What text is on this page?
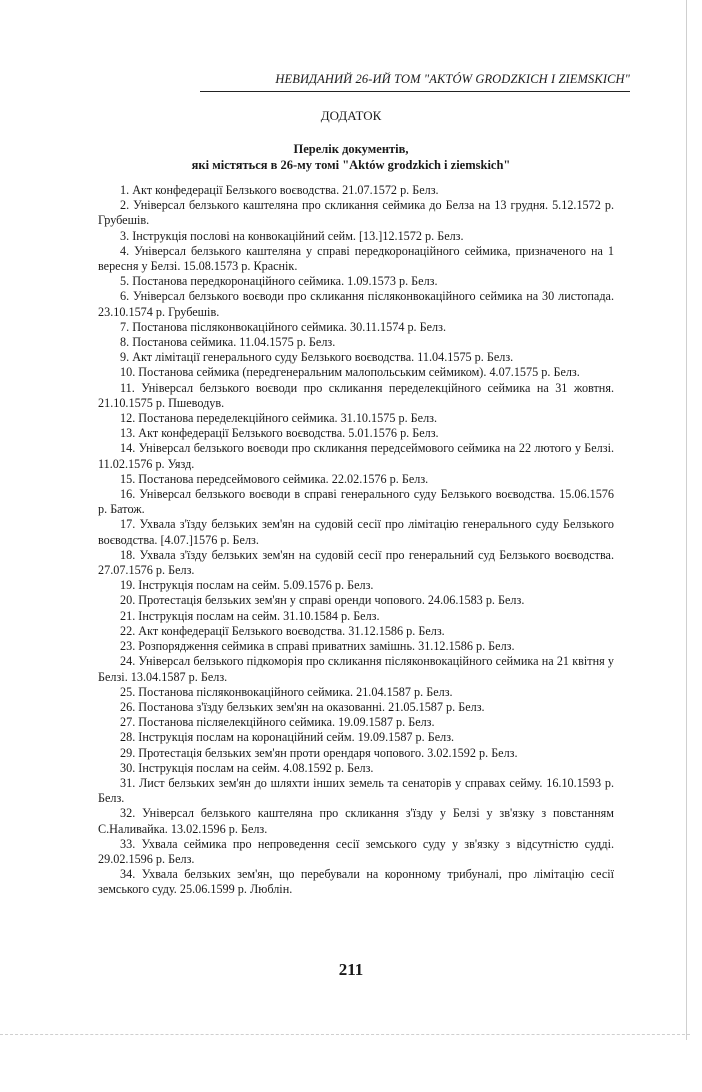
НЕВИДАНИЙ 26-ИЙ ТОМ "AKTÓW GRODZKICH I ZIEMSKICH"
ДОДАТОК
Перелік документів,
які містяться в 26-му томі "Aktów grodzkich i ziemskich"

1. Акт конфедерації Белзького воєводства. 21.07.1572 р. Белз.

2. Універсал белзького каштеляна про скликання сеймика до Белза на 13 грудня. 5.12.1572 р. Грубешів.

3. Інструкція послові на конвокаційний сейм. [13.]12.1572 р. Белз.

4. Універсал белзького каштеляна у справі передкоронаційного сеймика, призначеного на 1 вересня у Белзі. 15.08.1573 р. Краснік.

5. Постанова передкоронаційного сеймика. 1.09.1573 р. Белз.

6. Універсал белзького воєводи про скликання післяконвокаційного сеймика на 30 листопада. 23.10.1574 р. Грубешів.

7. Постанова післяконвокаційного сеймика. 30.11.1574 р. Белз.

8. Постанова сеймика. 11.04.1575 р. Белз.

9. Акт лімітації генерального суду Белзького воєводства. 11.04.1575 р. Белз.

10. Постанова сеймика (передгенеральним малопольським сеймиком). 4.07.1575 р. Белз.

11. Універсал белзького воєводи про скликання переделекційного сеймика на 31 жовтня. 21.10.1575 р. Пшеводув.

12. Постанова переделекційного сеймика. 31.10.1575 р. Белз.

13. Акт конфедерації Белзького воєводства. 5.01.1576 р. Белз.

14. Універсал белзького воєводи про скликання передсеймового сеймика на 22 лютого у Белзі. 11.02.1576 р. Уязд.

15. Постанова передсеймового сеймика. 22.02.1576 р. Белз.

16. Універсал белзького воєводи в справі генерального суду Белзького воєводства. 15.06.1576 р. Батож.

17. Ухвала з'їзду белзьких зем'ян на судовій сесії про лімітацію генерального суду Белзького воєводства. [4.07.]1576 р. Белз.

18. Ухвала з'їзду белзьких зем'ян на судовій сесії про генеральний суд Белзького воєводства. 27.07.1576 р. Белз.

19. Інструкція послам на сейм. 5.09.1576 р. Белз.

20. Протестація белзьких зем'ян у справі оренди чопового. 24.06.1583 р. Белз.

21. Інструкція послам на сейм. 31.10.1584 р. Белз.

22. Акт конфедерації Белзького воєводства. 31.12.1586 р. Белз.

23. Розпорядження сеймика в справі приватних замішнь. 31.12.1586 р. Белз.

24. Універсал белзького підкоморія про скликання післяконвокаційного сеймика на 21 квітня у Белзі. 13.04.1587 р. Белз.

25. Постанова післяконвокаційного сеймика. 21.04.1587 р. Белз.

26. Постанова з'їзду белзьких зем'ян на оказованні. 21.05.1587 р. Белз.

27. Постанова післяелекційного сеймика. 19.09.1587 р. Белз.

28. Інструкція послам на коронаційний сейм. 19.09.1587 р. Белз.

29. Протестація белзьких зем'ян проти орендаря чопового. 3.02.1592 р. Белз.

30. Інструкція послам на сейм. 4.08.1592 р. Белз.

31. Лист белзьких зем'ян до шляхти інших земель та сенаторів у справах сейму. 16.10.1593 р. Белз.

32. Універсал белзького каштеляна про скликання з'їзду у Белзі у зв'язку з повстанням С.Наливайка. 13.02.1596 р. Белз.

33. Ухвала сеймика про непроведення сесії земського суду у зв'язку з відсутністю судді. 29.02.1596 р. Белз.

34. Ухвала белзьких зем'ян, що перебували на коронному трибуналі, про лімітацію сесії земського суду. 25.06.1599 р. Люблін.

211
